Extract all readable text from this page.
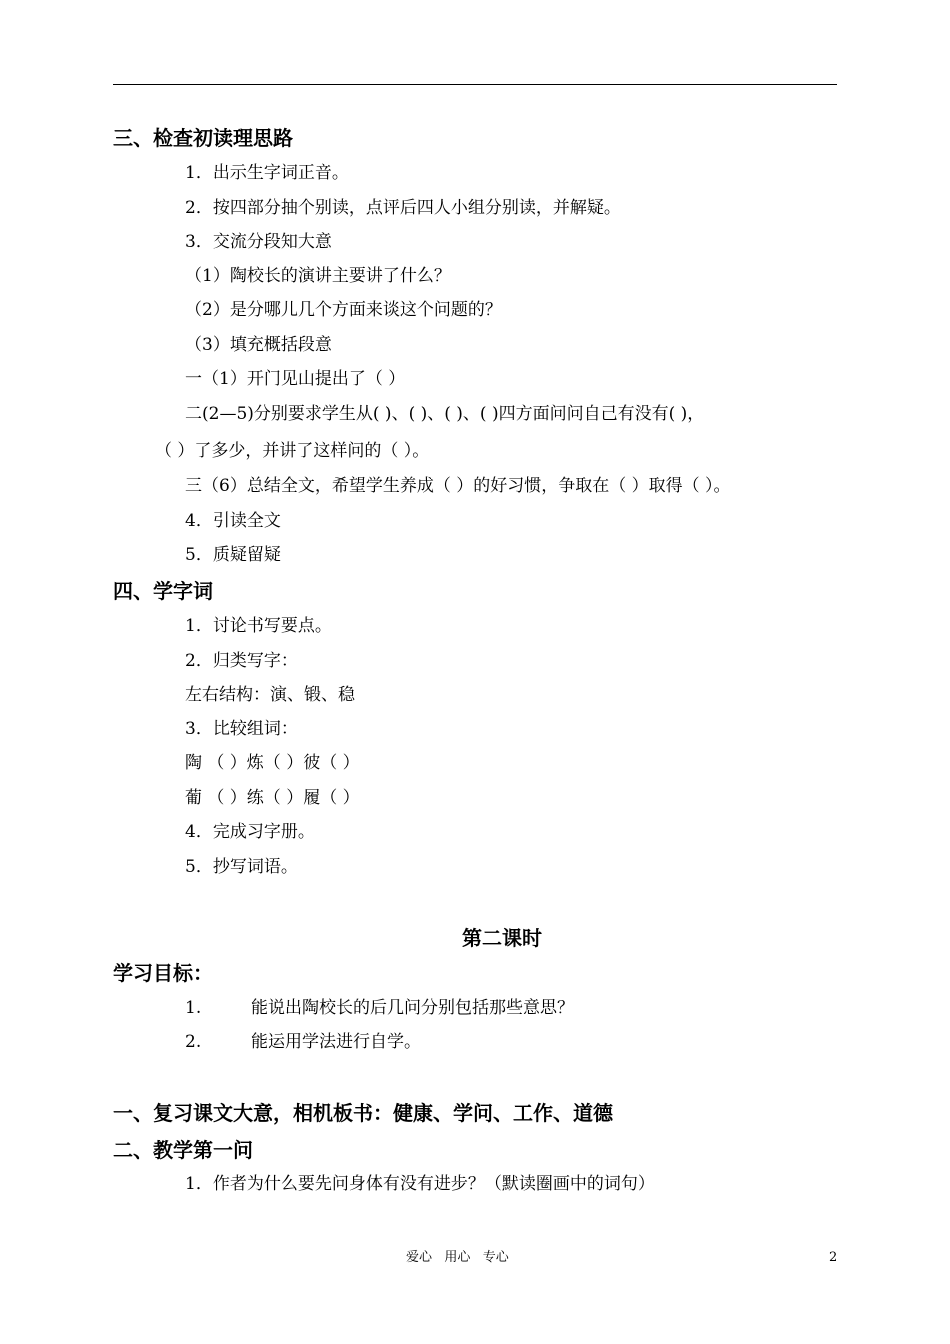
三、检查初读理思路
1．出示生字词正音。
2．按四部分抽个别读，点评后四人小组分别读，并解疑。
3．交流分段知大意
（1）陶校长的演讲主要讲了什么？
（2）是分哪儿几个方面来谈这个问题的？
（3）填充概括段意
一（1）开门见山提出了（ ）
二(2—5)分别要求学生从( )、( )、( )、( )四方面问问自己有没有( )，
（ ）了多少，并讲了这样问的（ ）。
三（6）总结全文，希望学生养成（ ）的好习惯，争取在（ ）取得（ ）。
4．引读全文
5．质疑留疑
四、学字词
1．讨论书写要点。
2．归类写字：
左右结构：演、锻、稳
3．比较组词：
陶 （ ）炼（ ）彼（ ）
葡 （ ）练（ ）履（ ）
4．完成习字册。
5．抄写词语。
第二课时
学习目标：
1.	能说出陶校长的后几问分别包括那些意思？
2.	能运用学法进行自学。
一、复习课文大意，相机板书：健康、学问、工作、道德
二、教学第一问
1．作者为什么要先问身体有没有进步？（默读圈画中的词句）
爱心   用心   专心	2
